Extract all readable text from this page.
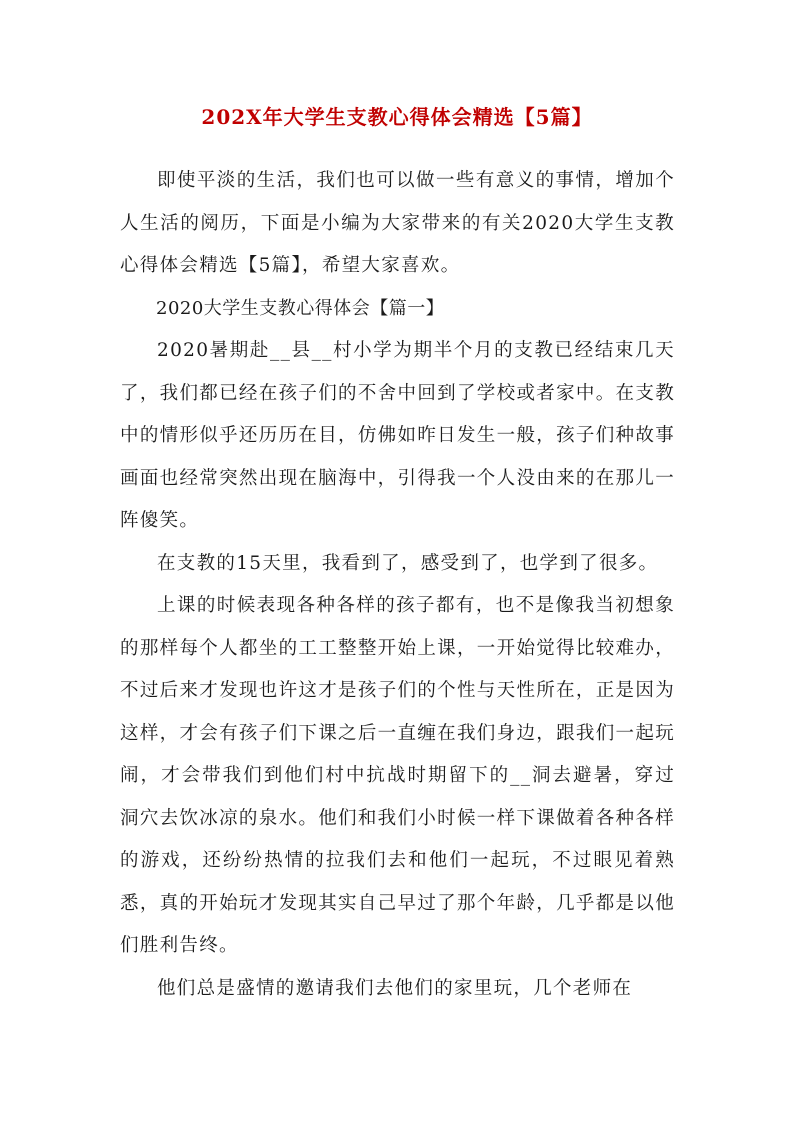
202X年大学生支教心得体会精选【5篇】

即使平淡的生活，我们也可以做一些有意义的事情，增加个人生活的阅历，下面是小编为大家带来的有关2020大学生支教心得体会精选【5篇】，希望大家喜欢。

2020大学生支教心得体会【篇一】

2020暑期赴__县__村小学为期半个月的支教已经结束几天了，我们都已经在孩子们的不舍中回到了学校或者家中。在支教中的情形似乎还历历在目，仿佛如昨日发生一般，孩子们种故事画面也经常突然出现在脑海中，引得我一个人没由来的在那儿一阵傻笑。

在支教的15天里，我看到了，感受到了，也学到了很多。

上课的时候表现各种各样的孩子都有，也不是像我当初想象的那样每个人都坐的工工整整开始上课，一开始觉得比较难办，不过后来才发现也许这才是孩子们的个性与天性所在，正是因为这样，才会有孩子们下课之后一直缠在我们身边，跟我们一起玩闹，才会带我们到他们村中抗战时期留下的__洞去避暑，穿过洞穴去饮冰凉的泉水。他们和我们小时候一样下课做着各种各样的游戏，还纷纷热情的拉我们去和他们一起玩，不过眼见着熟悉，真的开始玩才发现其实自己早过了那个年龄，几乎都是以他们胜利告终。

他们总是盛情的邀请我们去他们的家里玩，几个老师在
